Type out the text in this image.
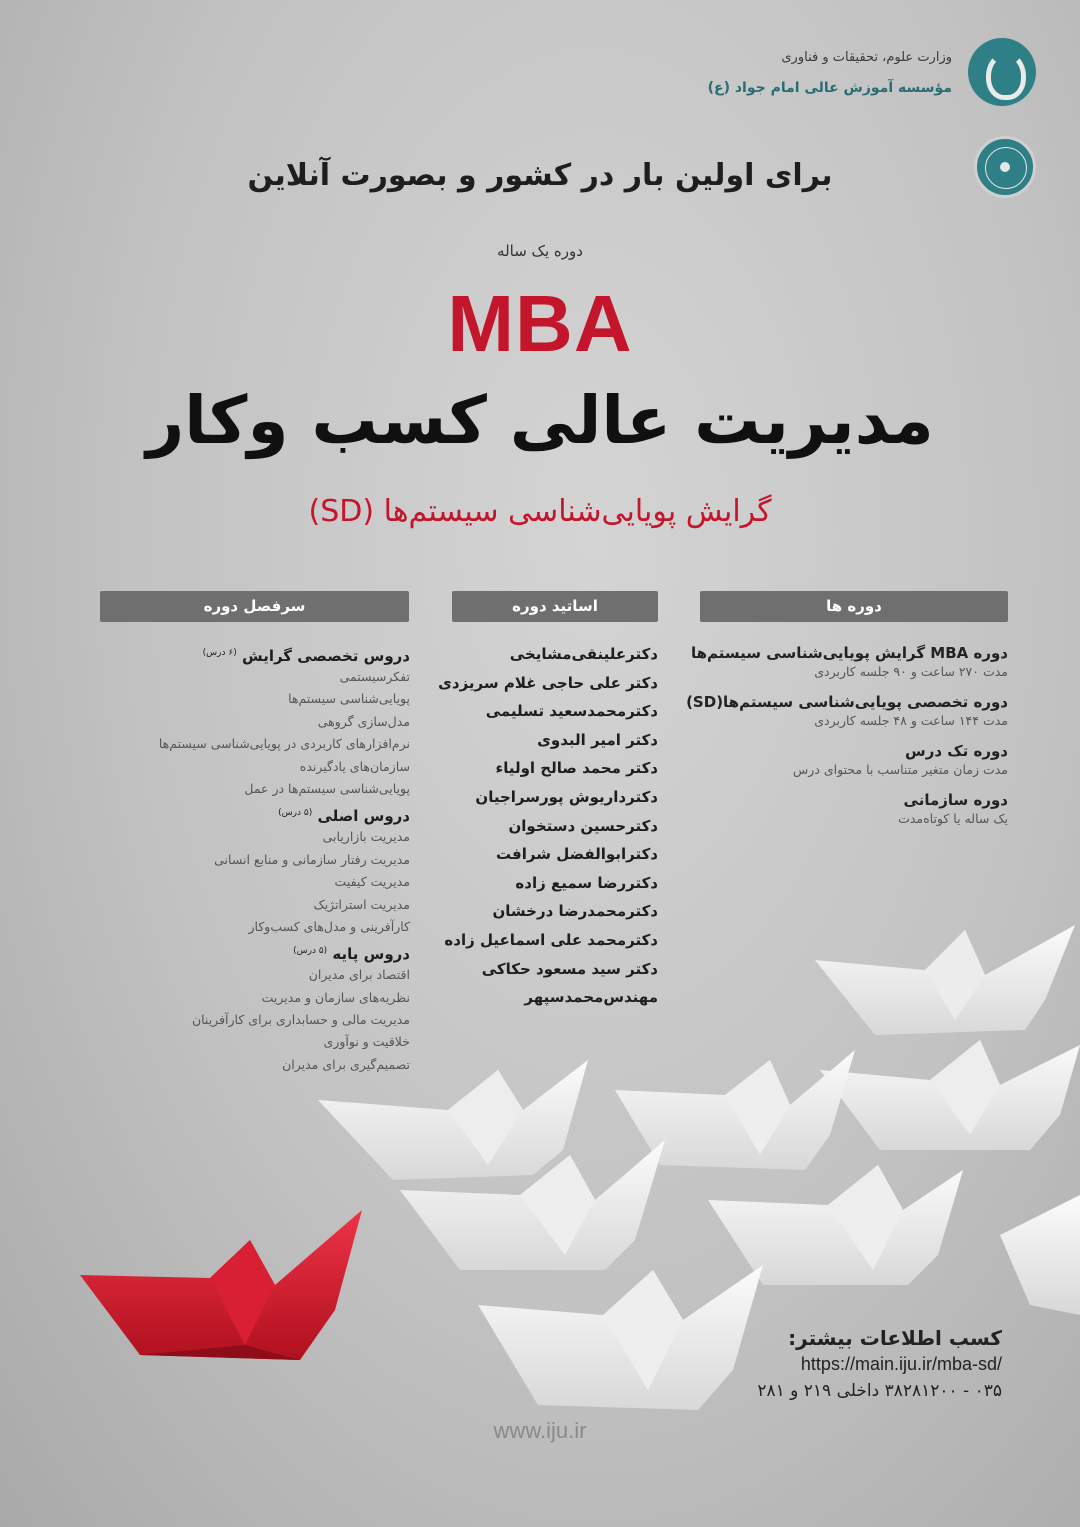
وزارت علوم، تحقیقات و فناوری
مؤسسه آموزش عالی امام جواد (ع)
برای اولین بار در کشور و بصورت آنلاین
دوره یک ساله
MBA
مدیریت عالی کسب وکار
گرایش پویایی‌شناسی سیستم‌ها (SD)
دوره ها
اساتید دوره
سرفصل دوره
دوره MBA گرایش پویایی‌شناسی سیستم‌ها
مدت ۲۷۰ ساعت و ۹۰ جلسه کاربردی
دوره تخصصی پویایی‌شناسی سیستم‌ها(SD)
مدت ۱۴۴ ساعت و ۴۸ جلسه کاربردی
دوره تک درس
مدت زمان متغیر متناسب با محتوای درس
دوره سازمانی
یک ساله یا کوتاه‌مدت
دکترعلینقی‌مشایخی
دکتر علی حاجی غلام سریزدی
دکترمحمدسعید تسلیمی
دکتر امیر البدوی
دکتر محمد صالح اولیاء
دکترداریوش پورسراجیان
دکترحسین دستخوان
دکترابوالفضل شرافت
دکتررضا سمیع زاده
دکترمحمدرضا درخشان
دکترمحمد علی اسماعیل زاده
دکتر سید مسعود حکاکی
مهندس‌محمدسپهر
دروس تخصصی گرایش $^{(۶ درس)}$
تفکرسیستمی
پویایی‌شناسی سیستم‌ها
مدل‌سازی گروهی
نرم‌افزارهای کاربردی در پویایی‌شناسی سیستم‌ها
سازمان‌های یادگیرنده
پویایی‌شناسی سیستم‌ها در عمل
دروس اصلی $^{(۵ درس)}$
مدیریت بازاریابی
مدیریت رفتار سازمانی و منابع انسانی
مدیریت کیفیت
مدیریت استراتژیک
کارآفرینی و مدل‌های کسب‌وکار
دروس پایه $^{(۵ درس)}$
اقتصاد برای مدیران
نظریه‌های سازمان و مدیریت
مدیریت مالی و حسابداری برای کارآفرینان
خلاقیت و نوآوری
تصمیم‌گیری برای مدیران
کسب اطلاعات بیشتر:
https://main.iju.ir/mba-sd/
۰۳۵ - ۳۸۲۸۱۲۰۰ داخلی ۲۱۹ و ۲۸۱
www.iju.ir
